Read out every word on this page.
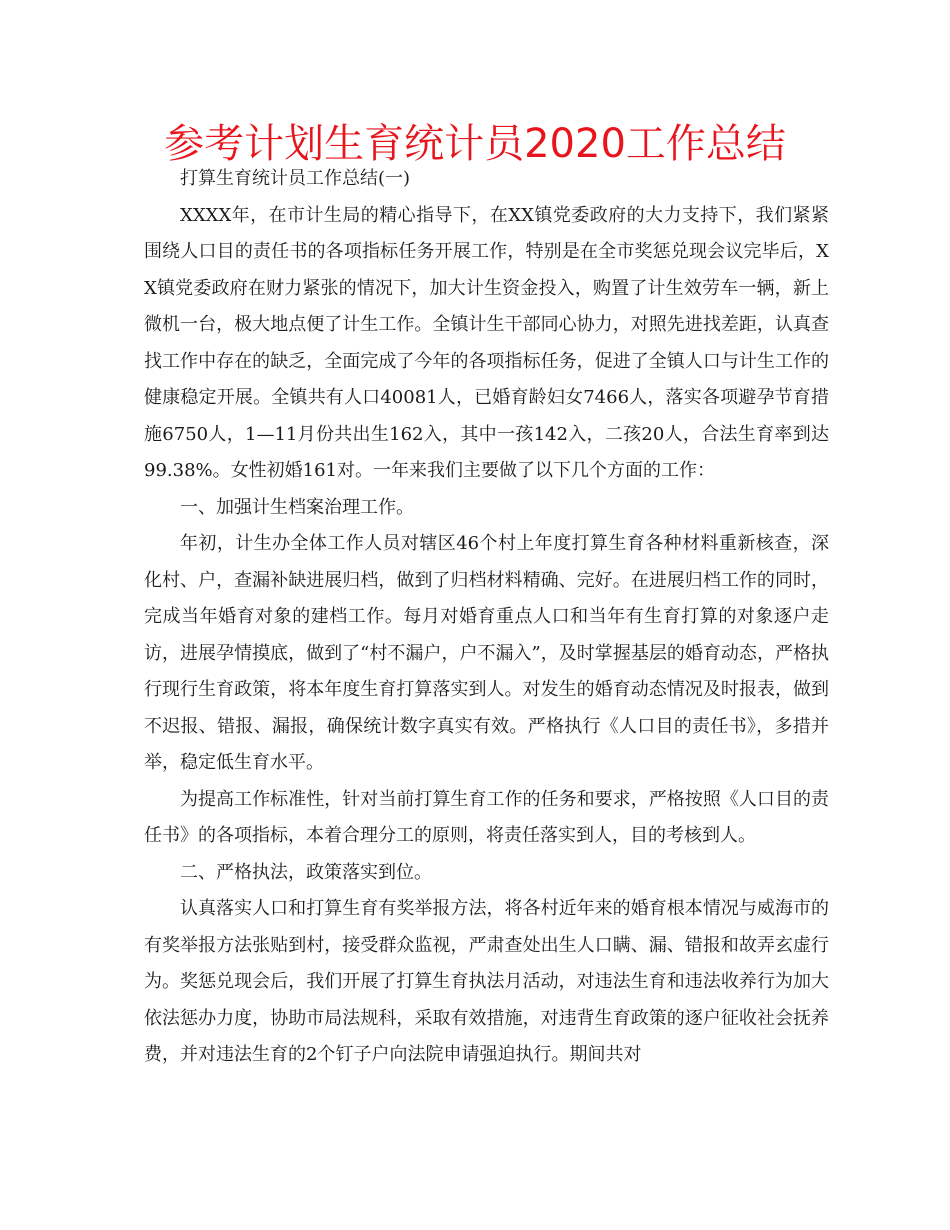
参考计划生育统计员2020工作总结

打算生育统计员工作总结(一)

XXXX年，在市计生局的精心指导下，在XX镇党委政府的大力支持下，我们紧紧围绕人口目的责任书的各项指标任务开展工作，特别是在全市奖惩兑现会议完毕后，XX镇党委政府在财力紧张的情况下，加大计生资金投入，购置了计生效劳车一辆，新上微机一台，极大地点便了计生工作。全镇计生干部同心协力，对照先进找差距，认真查找工作中存在的缺乏，全面完成了今年的各项指标任务，促进了全镇人口与计生工作的健康稳定开展。全镇共有人口40081人，已婚育龄妇女7466人，落实各项避孕节育措施6750人，1—11月份共出生162入，其中一孩142入，二孩20人，合法生育率到达99.38%。女性初婚161对。一年来我们主要做了以下几个方面的工作：

一、加强计生档案治理工作。

年初，计生办全体工作人员对辖区46个村上年度打算生育各种材料重新核查，深化村、户，查漏补缺进展归档，做到了归档材料精确、完好。在进展归档工作的同时，完成当年婚育对象的建档工作。每月对婚育重点人口和当年有生育打算的对象逐户走访，进展孕情摸底，做到了“村不漏户，户不漏入”，及时掌握基层的婚育动态，严格执行现行生育政策，将本年度生育打算落实到人。对发生的婚育动态情况及时报表，做到不迟报、错报、漏报，确保统计数字真实有效。严格执行《人口目的责任书》，多措并举，稳定低生育水平。

为提高工作标准性，针对当前打算生育工作的任务和要求，严格按照《人口目的责任书》的各项指标，本着合理分工的原则，将责任落实到人，目的考核到人。

二、严格执法，政策落实到位。

认真落实人口和打算生育有奖举报方法，将各村近年来的婚育根本情况与威海市的有奖举报方法张贴到村，接受群众监视，严肃查处出生人口瞒、漏、错报和故弄玄虚行为。奖惩兑现会后，我们开展了打算生育执法月活动，对违法生育和违法收养行为加大依法惩办力度，协助市局法规科，采取有效措施，对违背生育政策的逐户征收社会抚养费，并对违法生育的2个钉子户向法院申请强迫执行。期间共对
